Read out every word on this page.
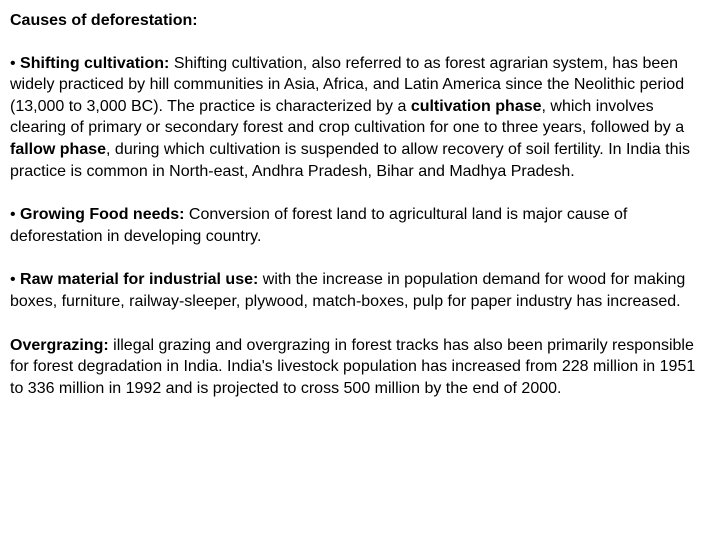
Causes of deforestation:

• Shifting cultivation: Shifting cultivation, also referred to as forest agrarian system, has been widely practiced by hill communities in Asia, Africa, and Latin America since the Neolithic period (13,000 to 3,000 BC). The practice is characterized by a cultivation phase, which involves clearing of primary or secondary forest and crop cultivation for one to three years, followed by a fallow phase, during which cultivation is suspended to allow recovery of soil fertility. In India this practice is common in North-east, Andhra Pradesh, Bihar and Madhya Pradesh.

• Growing Food needs: Conversion of forest land to agricultural land is major cause of deforestation in developing country.

• Raw material for industrial use: with the increase in population demand for wood for making boxes, furniture, railway-sleeper, plywood, match-boxes, pulp for paper industry has increased.

Overgrazing: illegal grazing and overgrazing in forest tracks has also been primarily responsible for forest degradation in India. India's livestock population has increased from 228 million in 1951 to 336 million in 1992 and is projected to cross 500 million by the end of 2000.
